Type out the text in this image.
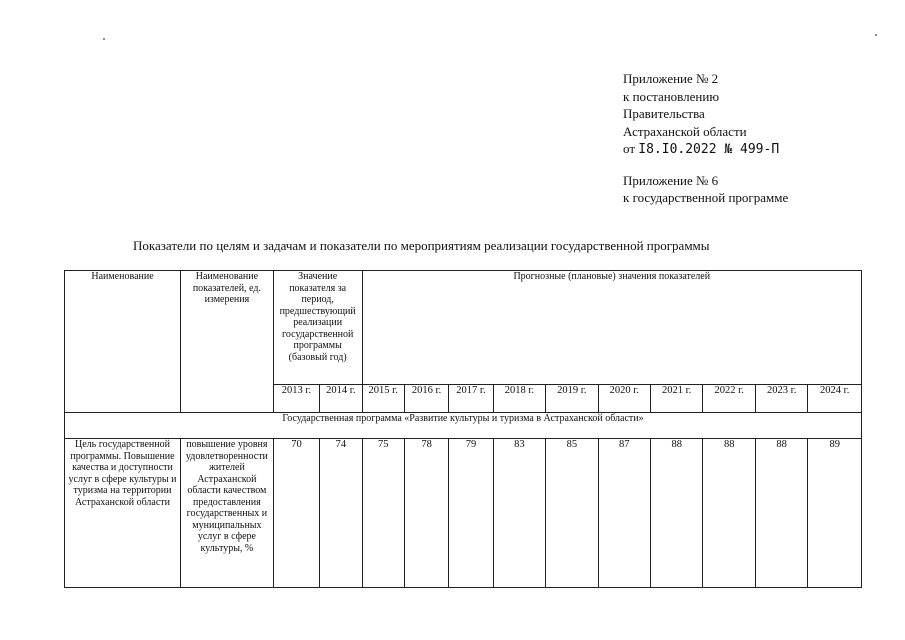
Приложение № 2
к постановлению
Правительства
Астраханской области
от I8.I0.2022 № 499-П
Приложение № 6
к государственной программе
Показатели по целям и задачам и показатели по мероприятиям реализации государственной программы
Наименование	Наименование показателей, ед. измерения	Значение показателя за период, предшествующий реализации государственной программы (базовый год)		Прогнозные (плановые) значения показателей									
		2013 г.	2014 г.	2015 г.	2016 г.	2017 г.	2018 г.	2019 г.	2020 г.	2021 г.	2022 г.	2023 г.	2024 г.
Государственная программа «Развитие культуры и туризма в Астраханской области»													
Цель государственной программы. Повышение качества и доступности услуг в сфере культуры и туризма на территории Астраханской области	повышение уровня удовлетворенности жителей Астраханской области качеством предоставления государственных и муниципальных услуг в сфере культуры, %	70	74	75	78	79	83	85	87	88	88	88	89
